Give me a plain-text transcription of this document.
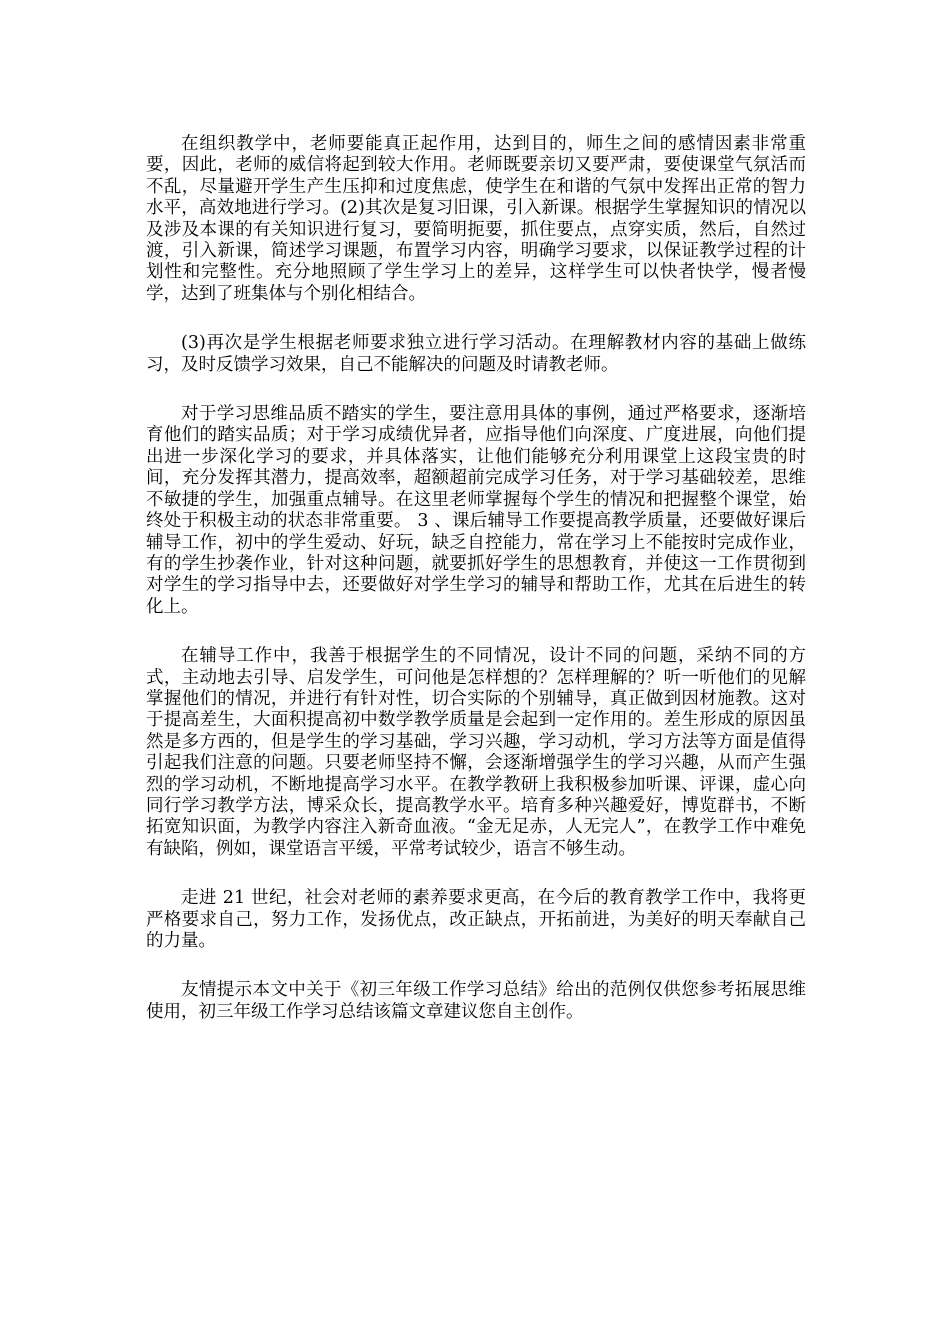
在组织教学中，老师要能真正起作用，达到目的，师生之间的感情因素非常重要，因此，老师的威信将起到较大作用。老师既要亲切又要严肃，要使课堂气氛活而不乱，尽量避开学生产生压抑和过度焦虑，使学生在和谐的气氛中发挥出正常的智力水平，高效地进行学习。(2)其次是复习旧课，引入新课。根据学生掌握知识的情况以及涉及本课的有关知识进行复习，要简明扼要，抓住要点，点穿实质，然后，自然过渡，引入新课，简述学习课题，布置学习内容，明确学习要求，以保证教学过程的计划性和完整性。充分地照顾了学生学习上的差异，这样学生可以快者快学，慢者慢学，达到了班集体与个别化相结合。

(3)再次是学生根据老师要求独立进行学习活动。在理解教材内容的基础上做练习，及时反馈学习效果，自己不能解决的问题及时请教老师。

对于学习思维品质不踏实的学生，要注意用具体的事例，通过严格要求，逐渐培育他们的踏实品质；对于学习成绩优异者，应指导他们向深度、广度进展，向他们提出进一步深化学习的要求，并具体落实，让他们能够充分利用课堂上这段宝贵的时间，充分发挥其潜力，提高效率，超额超前完成学习任务，对于学习基础较差，思维不敏捷的学生，加强重点辅导。在这里老师掌握每个学生的情况和把握整个课堂，始终处于积极主动的状态非常重要。 3 、课后辅导工作要提高教学质量，还要做好课后辅导工作，初中的学生爱动、好玩，缺乏自控能力，常在学习上不能按时完成作业，有的学生抄袭作业，针对这种问题，就要抓好学生的思想教育，并使这一工作贯彻到对学生的学习指导中去，还要做好对学生学习的辅导和帮助工作，尤其在后进生的转化上。

在辅导工作中，我善于根据学生的不同情况，设计不同的问题，采纳不同的方式，主动地去引导、启发学生，可问他是怎样想的？怎样理解的？听一听他们的见解掌握他们的情况，并进行有针对性，切合实际的个别辅导，真正做到因材施教。这对于提高差生，大面积提高初中数学教学质量是会起到一定作用的。差生形成的原因虽然是多方西的，但是学生的学习基础，学习兴趣，学习动机，学习方法等方面是值得引起我们注意的问题。只要老师坚持不懈，会逐渐增强学生的学习兴趣，从而产生强烈的学习动机，不断地提高学习水平。在教学教研上我积极参加听课、评课，虚心向同行学习教学方法，博采众长，提高教学水平。培育多种兴趣爱好，博览群书，不断拓宽知识面，为教学内容注入新奇血液。“金无足赤，人无完人”，在教学工作中难免有缺陷，例如，课堂语言平缓，平常考试较少，语言不够生动。

走进 21 世纪，社会对老师的素养要求更高，在今后的教育教学工作中，我将更严格要求自己，努力工作，发扬优点，改正缺点，开拓前进，为美好的明天奉献自己的力量。

友情提示本文中关于《初三年级工作学习总结》给出的范例仅供您参考拓展思维使用，初三年级工作学习总结该篇文章建议您自主创作。
